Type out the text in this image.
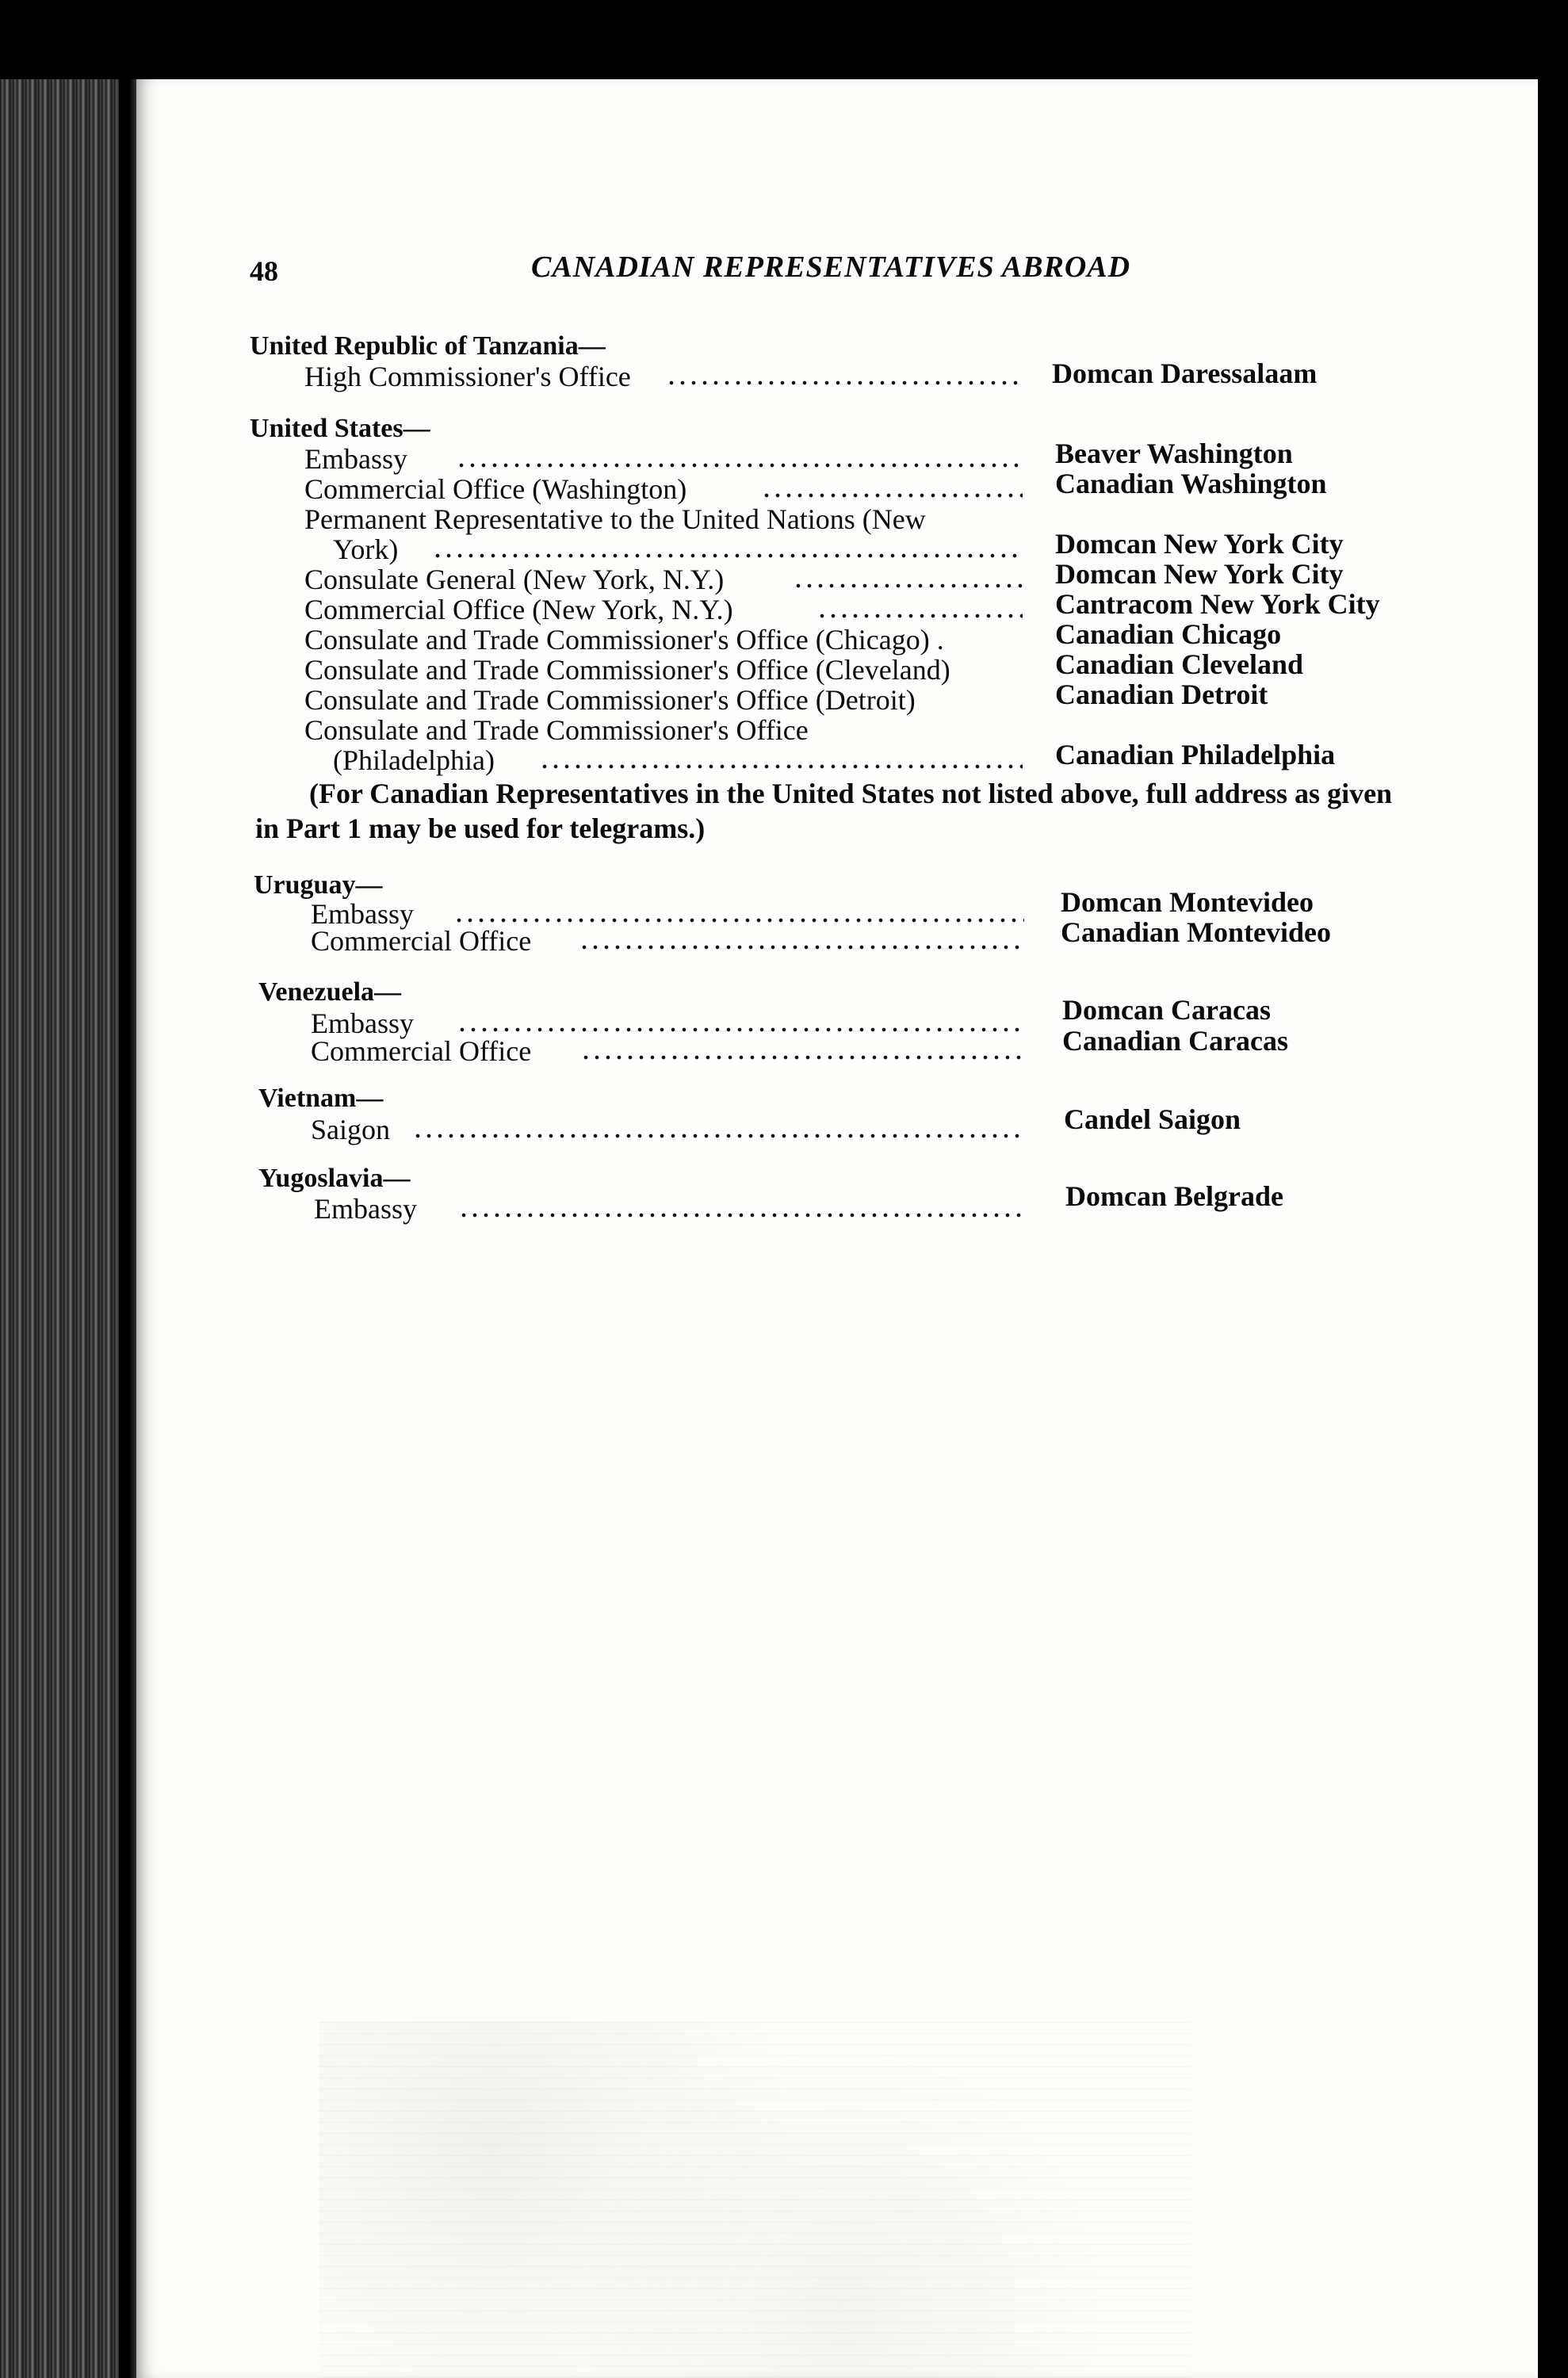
48	CANADIAN REPRESENTATIVES ABROAD
United Republic of Tanzania—
High Commissioner's Office	Domcan Daressalaam
United States—
Embassy	Beaver Washington
Commercial Office (Washington)	Canadian Washington
Permanent Representative to the United Nations (New
York)	Domcan New York City
Consulate General (New York, N.Y.)	Domcan New York City
Commercial Office (New York, N.Y.)	Cantracom New York City
Consulate and Trade Commissioner's Office (Chicago) .	Canadian Chicago
Consulate and Trade Commissioner's Office (Cleveland)	Canadian Cleveland
Consulate and Trade Commissioner's Office (Detroit)	Canadian Detroit
Consulate and Trade Commissioner's Office
(Philadelphia)	Canadian Philadelphia
(For Canadian Representatives in the United States not listed above, full address as given
in Part 1 may be used for telegrams.)
Uruguay—
Embassy	Domcan Montevideo
Commercial Office	Canadian Montevideo
Venezuela—
Embassy	Domcan Caracas
Commercial Office	Canadian Caracas
Vietnam—
Saigon	Candel Saigon
Yugoslavia—
Embassy	Domcan Belgrade
